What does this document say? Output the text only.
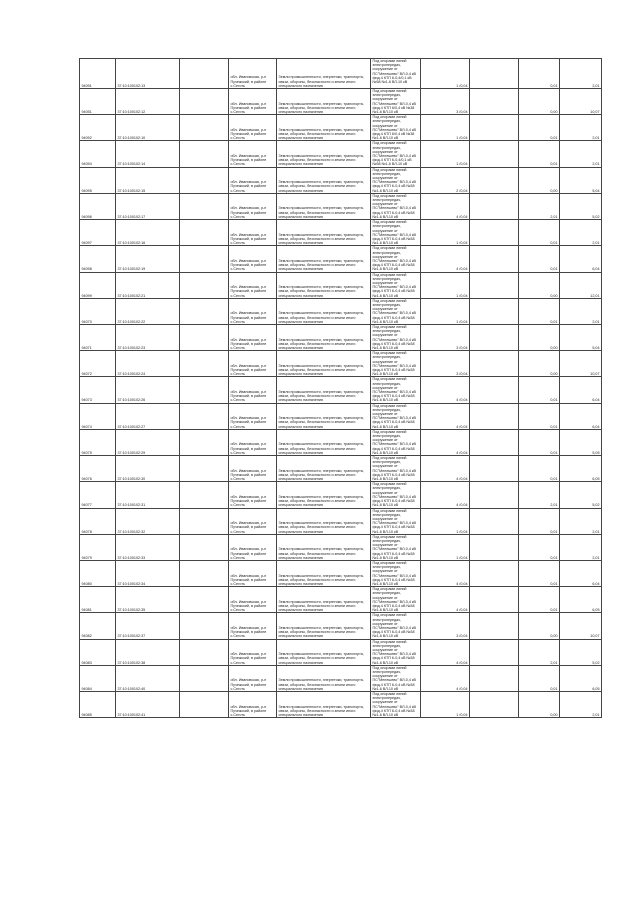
94091	37:10:100102:13		обл. Ивановская, р-н Пучежский, в районе с.Сеготь	Земли промышленности, энергетики, транспорта, связи, обороны, безопасности и земли иного специального назначения	Под опорами линий электропередач, сооружение от ПС"Мелешево" ВЛ-0,4 кВ фид.4 КТП 6-0,4/0,1 кВ №58 №1-6 ВЛ-10 кВ	1 /0,04		0,01	2,01
94051	37:10:100102:12		обл. Ивановская, р-н Пучежский, в районе с.Сеготь	Земли промышленности, энергетики, транспорта, связи, обороны, безопасности и земли иного специального назначения	Под опорами линий электропередач, сооружение от ПС"Мелешево" ВЛ-0,4 кВ фид.4 КТП 6/0,4 кВ №38 №1-6 ВЛ-10 кВ	3 /0,04		0,00	10,07
94092	37:10:100102:10		обл. Ивановская, р-н Пучежский, в районе с.Сеготь	Земли промышленности, энергетики, транспорта, связи, обороны, безопасности и земли иного специального назначения	Под опорами линий электропередач, сооружение от ПС"Мелешево" ВЛ-0,4 кВ фид.4 КТП 6/0,4 кВ №38 №1-6 ВЛ-10 кВ	1 /0,04		0,01	2,01
94094	37:10:100102:14		обл. Ивановская, р-н Пучежский, в районе с.Сеготь	Земли промышленности, энергетики, транспорта, связи, обороны, безопасности и земли иного специального назначения	Под опорами линий электропередач, сооружение от ПС"Мелешево" ВЛ-0,4 кВ фид.4 КТП 6-0,4/0,1 кВ №58 №1-6 ВЛ-10 кВ	1 /0,04		0,01	2,01
94095	37:10:100102:15		обл. Ивановская, р-н Пучежский, в районе с.Сеготь	Земли промышленности, энергетики, транспорта, связи, обороны, безопасности и земли иного специального назначения	Под опорами линий электропередач, сооружение от ПС"Мелешево" ВЛ-0,4 кВ фид.4 КТП 6-0,4 кВ №38 №1-6 ВЛ-10 кВ	2 /0,04		0,00	5,04
94096	37:10:100102:17		обл. Ивановская, р-н Пучежский, в районе с.Сеготь	Земли промышленности, энергетики, транспорта, связи, обороны, безопасности и земли иного специального назначения	Под опорами линий электропередач, сооружение от ПС"Мелешево" ВЛ-0,4 кВ фид.4 КТП 6-0,4 кВ №38 №1-6 ВЛ-10 кВ	4 /0,04		2,01	5,02
94097	37:10:100102:16		обл. Ивановская, р-н Пучежский, в районе с.Сеготь	Земли промышленности, энергетики, транспорта, связи, обороны, безопасности и земли иного специального назначения	Под опорами линий электропередач, сооружение от ПС"Мелешево" ВЛ-0,4 кВ фид.4 КТП 6-0,4 кВ №38 №1-6 ВЛ-10 кВ	1 /0,04		0,01	2,01
94098	37:10:100102:19		обл. Ивановская, р-н Пучежский, в районе с.Сеготь	Земли промышленности, энергетики, транспорта, связи, обороны, безопасности и земли иного специального назначения	Под опорами линий электропередач, сооружение от ПС"Мелешево" ВЛ-0,4 кВ фид.4 КТП 6-0,4 кВ №38 №1-6 ВЛ-10 кВ	4 /0,04		0,01	6,04
94099	37:10:100102:21		обл. Ивановская, р-н Пучежский, в районе с.Сеготь	Земли промышленности, энергетики, транспорта, связи, обороны, безопасности и земли иного специального назначения	Под опорами линий электропередач, сооружение от ПС"Мелешево" ВЛ-0,4 кВ фид.4 КТП 6-0,4 кВ №38 №1-6 ВЛ-10 кВ	1 /0,04		0,00	12,01
94070	37:10:100102:22		обл. Ивановская, р-н Пучежский, в районе с.Сеготь	Земли промышленности, энергетики, транспорта, связи, обороны, безопасности и земли иного специального назначения	Под опорами линий электропередач, сооружение от ПС"Мелешево" ВЛ-0,4 кВ фид.4 КТП 6-0,4 кВ №38 №1-6 ВЛ-10 кВ	1 /0,04		0,01	2,01
94071	37:10:100102:23		обл. Ивановская, р-н Пучежский, в районе с.Сеготь	Земли промышленности, энергетики, транспорта, связи, обороны, безопасности и земли иного специального назначения	Под опорами линий электропередач, сооружение от ПС"Мелешево" ВЛ-0,4 кВ фид.4 КТП 6-0,4 кВ №38 №1-6 ВЛ-10 кВ	3 /0,04		0,00	5,04
94072	37:10:100102:24		обл. Ивановская, р-н Пучежский, в районе с.Сеготь	Земли промышленности, энергетики, транспорта, связи, обороны, безопасности и земли иного специального назначения	Под опорами линий электропередач, сооружение от ПС"Мелешево" ВЛ-0,4 кВ фид.4 КТП 6-0,4 кВ №38 №1-6 ВЛ-10 кВ	3 /0,04		0,00	10,07
94073	37:10:100102:26		обл. Ивановская, р-н Пучежский, в районе с.Сеготь	Земли промышленности, энергетики, транспорта, связи, обороны, безопасности и земли иного специального назначения	Под опорами линий электропередач, сооружение от ПС"Мелешево" ВЛ-0,4 кВ фид.4 КТП 6-0,4 кВ №38 №1-6 ВЛ-10 кВ	4 /0,04		0,01	6,04
94074	37:10:100102:27		обл. Ивановская, р-н Пучежский, в районе с.Сеготь	Земли промышленности, энергетики, транспорта, связи, обороны, безопасности и земли иного специального назначения	Под опорами линий электропередач, сооружение от ПС"Мелешево" ВЛ-0,4 кВ фид.4 КТП 6-0,4 кВ №38 №1-6 ВЛ-10 кВ	4 /0,04		0,01	6,04
94075	37:10:100102:29		обл. Ивановская, р-н Пучежский, в районе с.Сеготь	Земли промышленности, энергетики, транспорта, связи, обороны, безопасности и земли иного специального назначения	Под опорами линий электропередач, сооружение от ПС"Мелешево" ВЛ-0,4 кВ фид.4 КТП 6-0,4 кВ №38 №1-6 ВЛ-10 кВ	4 /0,04		0,01	5,05
94076	37:10:100102:30		обл. Ивановская, р-н Пучежский, в районе с.Сеготь	Земли промышленности, энергетики, транспорта, связи, обороны, безопасности и земли иного специального назначения	Под опорами линий электропередач, сооружение от ПС"Мелешево" ВЛ-0,4 кВ фид.4 КТП 6-0,4 кВ №38 №1-6 ВЛ-10 кВ	4 /0,04		0,01	6,05
94077	37:10:100102:31		обл. Ивановская, р-н Пучежский, в районе с.Сеготь	Земли промышленности, энергетики, транспорта, связи, обороны, безопасности и земли иного специального назначения	Под опорами линий электропередач, сооружение от ПС"Мелешево" ВЛ-0,4 кВ фид.4 КТП 6-0,4 кВ №38 №1-6 ВЛ-10 кВ	4 /0,04		2,01	5,02
94078	37:10:100102:32		обл. Ивановская, р-н Пучежский, в районе с.Сеготь	Земли промышленности, энергетики, транспорта, связи, обороны, безопасности и земли иного специального назначения	Под опорами линий электропередач, сооружение от ПС"Мелешево" ВЛ-0,4 кВ фид.4 КТП 6-0,4 кВ №38 №1-6 ВЛ-10 кВ	1 /0,04		0,01	2,01
94079	37:10:100102:33		обл. Ивановская, р-н Пучежский, в районе с.Сеготь	Земли промышленности, энергетики, транспорта, связи, обороны, безопасности и земли иного специального назначения	Под опорами линий электропередач, сооружение от ПС"Мелешево" ВЛ-0,4 кВ фид.4 КТП 6-0,4 кВ №38 №1-6 ВЛ-10 кВ	1 /0,04		0,01	2,01
94080	37:10:100102:34		обл. Ивановская, р-н Пучежский, в районе с.Сеготь	Земли промышленности, энергетики, транспорта, связи, обороны, безопасности и земли иного специального назначения	Под опорами линий электропередач, сооружение от ПС"Мелешево" ВЛ-0,4 кВ фид.4 КТП 6-0,4 кВ №38 №1-6 ВЛ-10 кВ	4 /0,04		0,01	6,04
94081	37:10:100102:35		обл. Ивановская, р-н Пучежский, в районе с.Сеготь	Земли промышленности, энергетики, транспорта, связи, обороны, безопасности и земли иного специального назначения	Под опорами линий электропередач, сооружение от ПС"Мелешево" ВЛ-0,4 кВ фид.4 КТП 6-0,4 кВ №38 №1-6 ВЛ-10 кВ	4 /0,04		0,01	6,05
94082	37:10:100102:37		обл. Ивановская, р-н Пучежский, в районе с.Сеготь	Земли промышленности, энергетики, транспорта, связи, обороны, безопасности и земли иного специального назначения	Под опорами линий электропередач, сооружение от ПС"Мелешево" ВЛ-0,4 кВ фид.4 КТП 6-0,4 кВ №38 №1-6 ВЛ-10 кВ	3 /0,04		0,00	10,07
94083	37:10:100102:38		обл. Ивановская, р-н Пучежский, в районе с.Сеготь	Земли промышленности, энергетики, транспорта, связи, обороны, безопасности и земли иного специального назначения	Под опорами линий электропередач, сооружение от ПС"Мелешево" ВЛ-0,4 кВ фид.4 КТП 6-0,4 кВ №38 №1-6 ВЛ-10 кВ	4 /0,04		2,01	5,02
94084	37:10:100102:40		обл. Ивановская, р-н Пучежский, в районе с.Сеготь	Земли промышленности, энергетики, транспорта, связи, обороны, безопасности и земли иного специального назначения	Под опорами линий электропередач, сооружение от ПС"Мелешево" ВЛ-0,4 кВ фид.4 КТП 6-0,4 кВ №38 №1-6 ВЛ-10 кВ	4 /0,04		0,01	6,05
94085	37:10:100102:41		обл. Ивановская, р-н Пучежский, в районе с.Сеготь	Земли промышленности, энергетики, транспорта, связи, обороны, безопасности и земли иного специального назначения	Под опорами линий электропередач, сооружение от ПС"Мелешево" ВЛ-0,4 кВ фид.4 КТП 6-0,4 кВ №38 №1-6 ВЛ-10 кВ	1 /0,04		0,00	2,01
